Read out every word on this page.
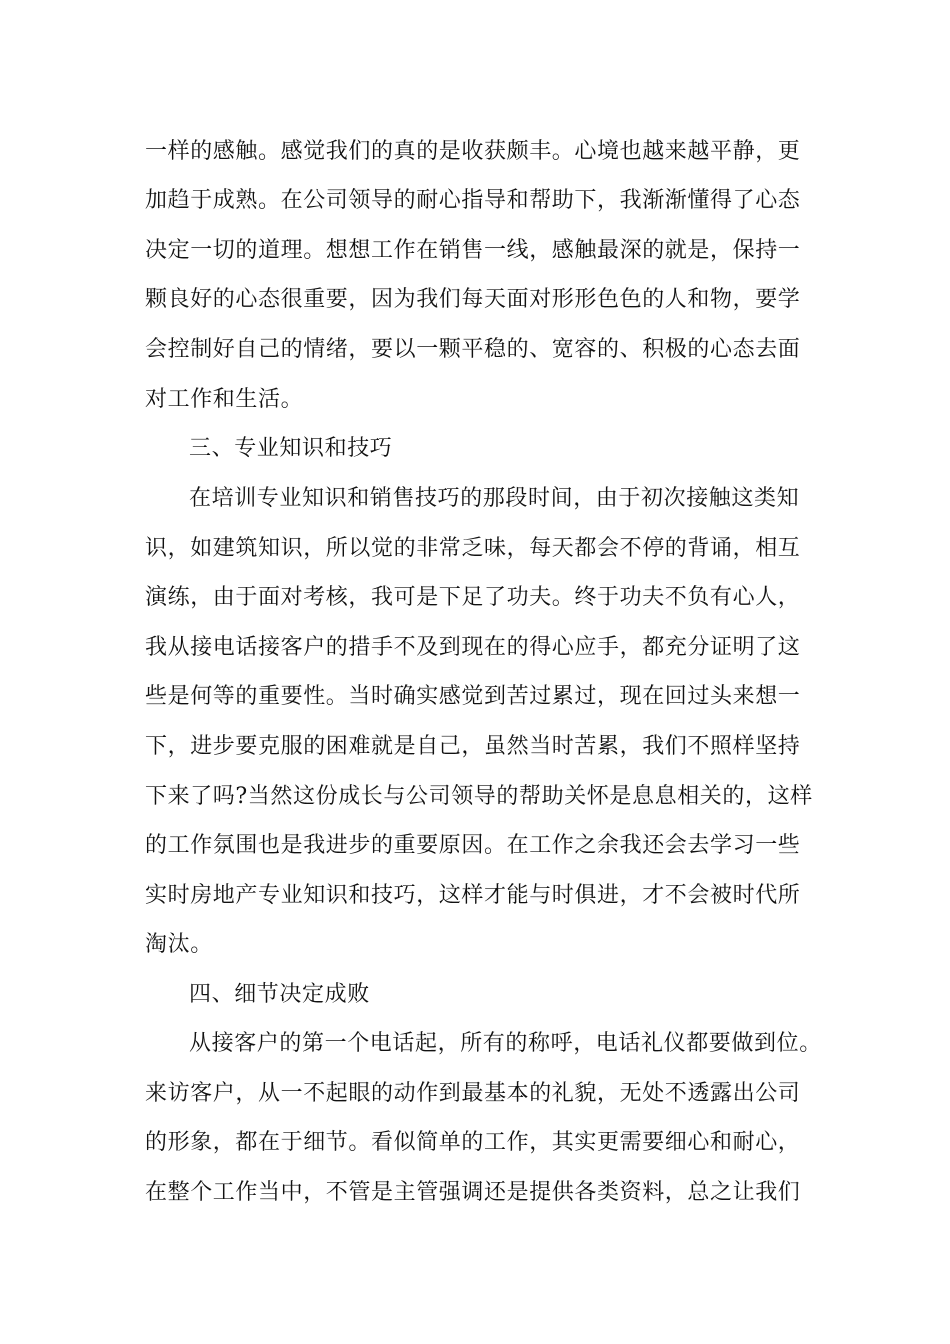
一样的感触。感觉我们的真的是收获颇丰。心境也越来越平静，更
加趋于成熟。在公司领导的耐心指导和帮助下，我渐渐懂得了心态
决定一切的道理。想想工作在销售一线，感触最深的就是，保持一
颗良好的心态很重要，因为我们每天面对形形色色的人和物，要学
会控制好自己的情绪，要以一颗平稳的、宽容的、积极的心态去面
对工作和生活。
三、专业知识和技巧
在培训专业知识和销售技巧的那段时间，由于初次接触这类知
识，如建筑知识，所以觉的非常乏味，每天都会不停的背诵，相互
演练，由于面对考核，我可是下足了功夫。终于功夫不负有心人，
我从接电话接客户的措手不及到现在的得心应手，都充分证明了这
些是何等的重要性。当时确实感觉到苦过累过，现在回过头来想一
下，进步要克服的困难就是自己，虽然当时苦累，我们不照样坚持
下来了吗?当然这份成长与公司领导的帮助关怀是息息相关的，这样
的工作氛围也是我进步的重要原因。在工作之余我还会去学习一些
实时房地产专业知识和技巧，这样才能与时俱进，才不会被时代所
淘汰。
四、细节决定成败
从接客户的第一个电话起，所有的称呼，电话礼仪都要做到位。
来访客户，从一不起眼的动作到最基本的礼貌，无处不透露出公司
的形象，都在于细节。看似简单的工作，其实更需要细心和耐心，
在整个工作当中，不管是主管强调还是提供各类资料，总之让我们
